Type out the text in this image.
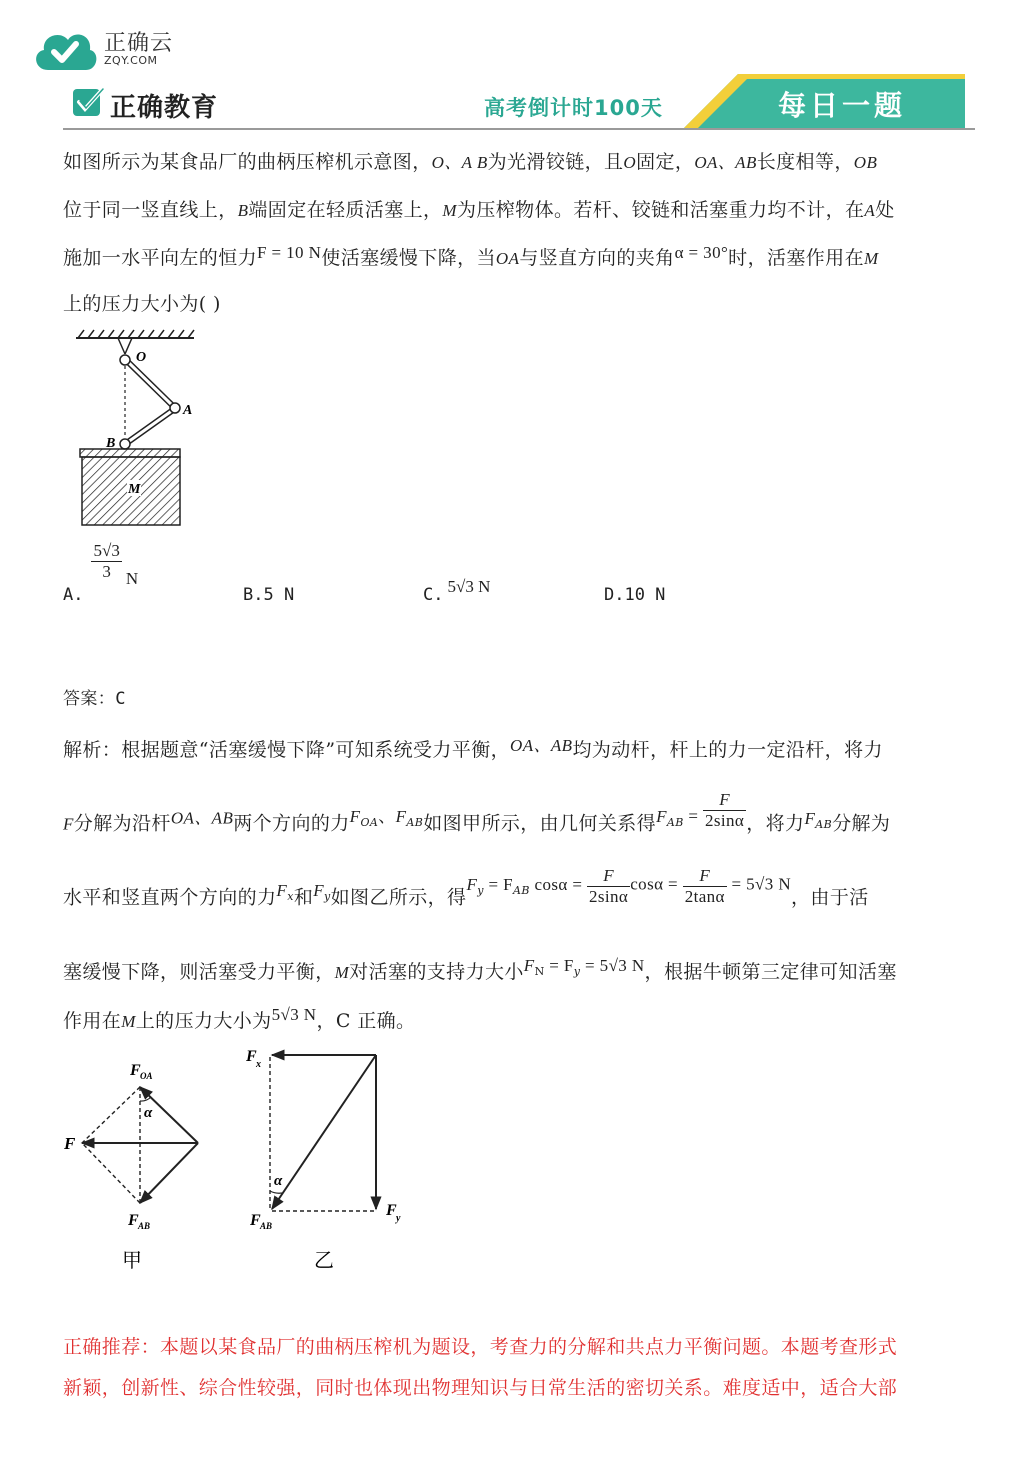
正确云
ZQY.COM
正确教育	高考倒计时100天	每日一题
如图所示为某食品厂的曲柄压榨机示意图，O、A B为光滑铰链，且O固定，OA、AB长度相等，OB
位于同一竖直线上，B端固定在轻质活塞上，M为压榨物体。若杆、铰链和活塞重力均不计，在A处
施加一水平向左的恒力F = 10 N使活塞缓慢下降，当OA与竖直方向的夹角α = 30°时，活塞作用在M
上的压力大小为( )
O
A
B
M
A.
$\frac{5√3}{3}$ N
B.5 N	C. 5√3 N	D.10 N
答案：C
解析：根据题意“活塞缓慢下降”可知系统受力平衡，OA、AB均为动杆，杆上的力一定沿杆，将力
F分解为沿杆OA、AB两个方向的力$F_{OA}$、$F_{AB}$如图甲所示，由几何关系得$F_{AB} = \frac{F}{2\sin\alpha}$ ，将力$F_{AB}$分解为
水平和竖直两个方向的力$F_x$和$F_y$如图乙所示，得$F_y = F_{AB}$ $\cos\alpha = \frac{F}{2\sin\alpha}$ $\cos\alpha = \frac{F}{2\tan\alpha} = 5√3$ N，由于活
塞缓慢下降，则活塞受力平衡，M对活塞的支持力大小$F_N = F_y = 5√3$ N，根据牛顿第三定律可知活塞
作用在M上的压力大小为5√3 N，C 正确。
F OA
α
F
F AB
甲
F x
α
F AB
F y
乙
正确推荐：本题以某食品厂的曲柄压榨机为题设，考查力的分解和共点力平衡问题。本题考查形式
新颖，创新性、综合性较强，同时也体现出物理知识与日常生活的密切关系。难度适中，适合大部
